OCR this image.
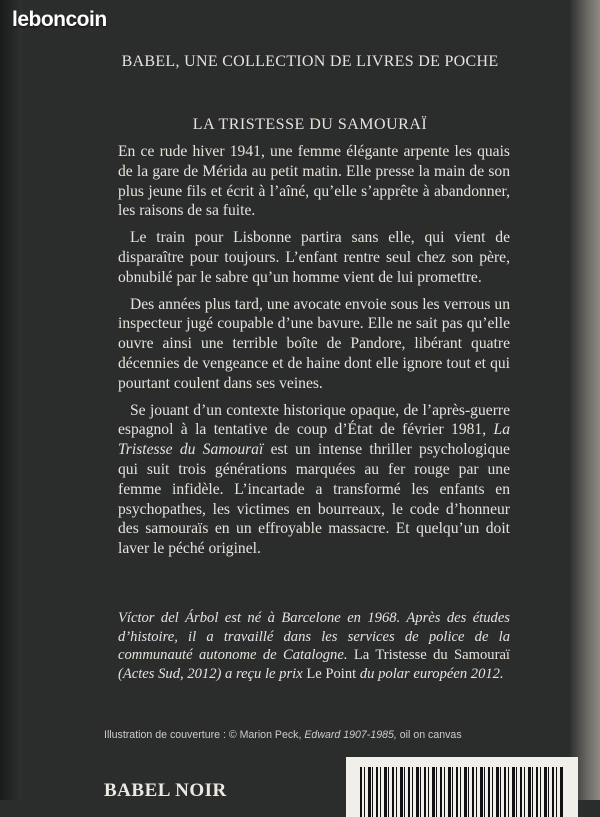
leboncoin
BABEL, UNE COLLECTION DE LIVRES DE POCHE
LA TRISTESSE DU SAMOURAÏ

En ce rude hiver 1941, une femme élégante arpente les quais de la gare de Mérida au petit matin. Elle presse la main de son plus jeune fils et écrit à l’aîné, qu’elle s’apprête à abandonner, les raisons de sa fuite.

Le train pour Lisbonne partira sans elle, qui vient de disparaître pour toujours. L’enfant rentre seul chez son père, obnubilé par le sabre qu’un homme vient de lui promettre.

Des années plus tard, une avocate envoie sous les verrous un inspecteur jugé coupable d’une bavure. Elle ne sait pas qu’elle ouvre ainsi une terrible boîte de Pandore, libérant quatre décennies de vengeance et de haine dont elle ignore tout et qui pourtant coulent dans ses veines.

Se jouant d’un contexte historique opaque, de l’après-guerre espagnol à la tentative de coup d’État de février 1981, La Tristesse du Samouraï est un intense thriller psychologique qui suit trois générations marquées au fer rouge par une femme infidèle. L’incartade a transformé les enfants en psychopathes, les victimes en bourreaux, le code d’honneur des samouraïs en un effroyable massacre. Et quelqu’un doit laver le péché originel.

Víctor del Árbol est né à Barcelone en 1968. Après des études d’histoire, il a travaillé dans les services de police de la communauté autonome de Catalogne. La Tristesse du Samouraï (Actes Sud, 2012) a reçu le prix Le Point du polar européen 2012.
Illustration de couverture : © Marion Peck, Edward 1907-1985, oil on canvas
BABEL NOIR
